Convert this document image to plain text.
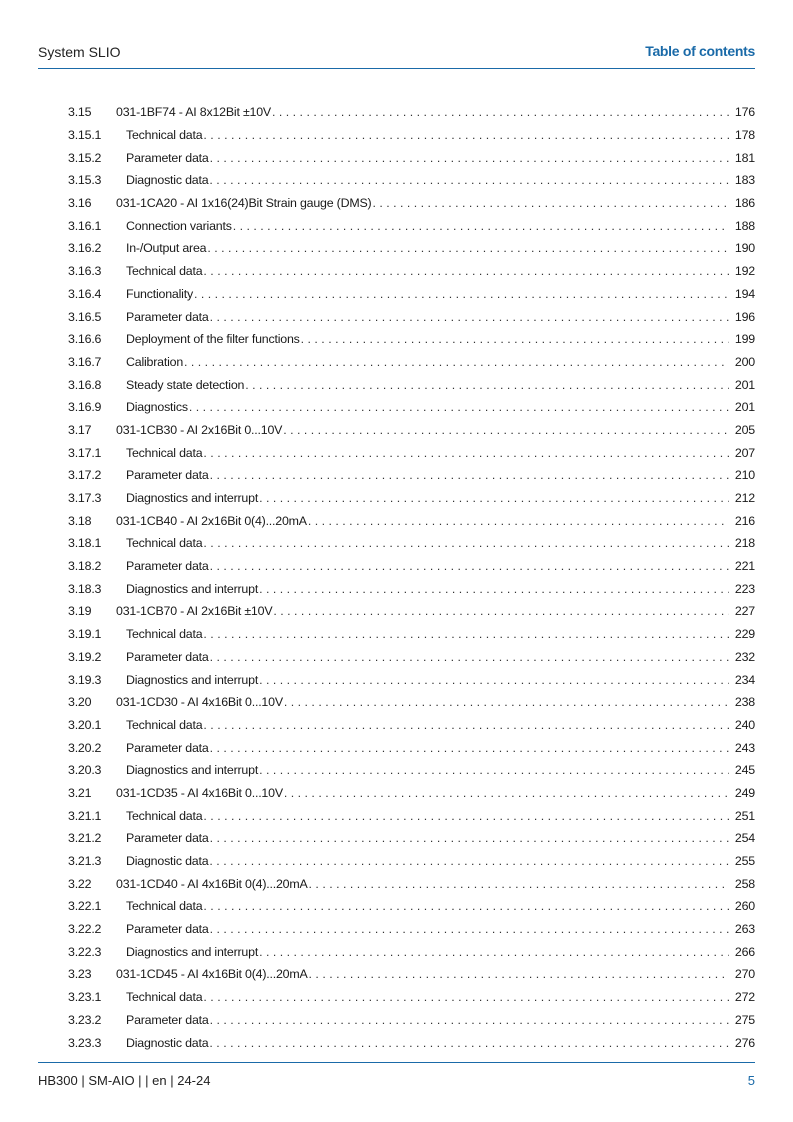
System SLIO	Table of contents
3.15	031-1BF74 - AI 8x12Bit ±10V . . .	176
3.15.1	Technical data . . .	178
3.15.2	Parameter data . . .	181
3.15.3	Diagnostic data . . .	183
3.16	031-1CA20 - AI 1x16(24)Bit Strain gauge (DMS) . . .	186
3.16.1	Connection variants . . .	188
3.16.2	In-/Output area . . .	190
3.16.3	Technical data . . .	192
3.16.4	Functionality . . .	194
3.16.5	Parameter data . . .	196
3.16.6	Deployment of the filter functions . . .	199
3.16.7	Calibration . . .	200
3.16.8	Steady state detection . . .	201
3.16.9	Diagnostics . . .	201
3.17	031-1CB30 - AI 2x16Bit 0...10V . . .	205
3.17.1	Technical data . . .	207
3.17.2	Parameter data . . .	210
3.17.3	Diagnostics and interrupt . . .	212
3.18	031-1CB40 - AI 2x16Bit 0(4)...20mA . . .	216
3.18.1	Technical data . . .	218
3.18.2	Parameter data . . .	221
3.18.3	Diagnostics and interrupt . . .	223
3.19	031-1CB70 - AI 2x16Bit ±10V . . .	227
3.19.1	Technical data . . .	229
3.19.2	Parameter data . . .	232
3.19.3	Diagnostics and interrupt . . .	234
3.20	031-1CD30 - AI 4x16Bit 0...10V . . .	238
3.20.1	Technical data . . .	240
3.20.2	Parameter data . . .	243
3.20.3	Diagnostics and interrupt . . .	245
3.21	031-1CD35 - AI 4x16Bit 0...10V . . .	249
3.21.1	Technical data . . .	251
3.21.2	Parameter data . . .	254
3.21.3	Diagnostic data . . .	255
3.22	031-1CD40 - AI 4x16Bit 0(4)...20mA . . .	258
3.22.1	Technical data . . .	260
3.22.2	Parameter data . . .	263
3.22.3	Diagnostics and interrupt . . .	266
3.23	031-1CD45 - AI 4x16Bit 0(4)...20mA . . .	270
3.23.1	Technical data . . .	272
3.23.2	Parameter data . . .	275
3.23.3	Diagnostic data . . .	276
HB300 | SM-AIO | | en | 24-24	5
